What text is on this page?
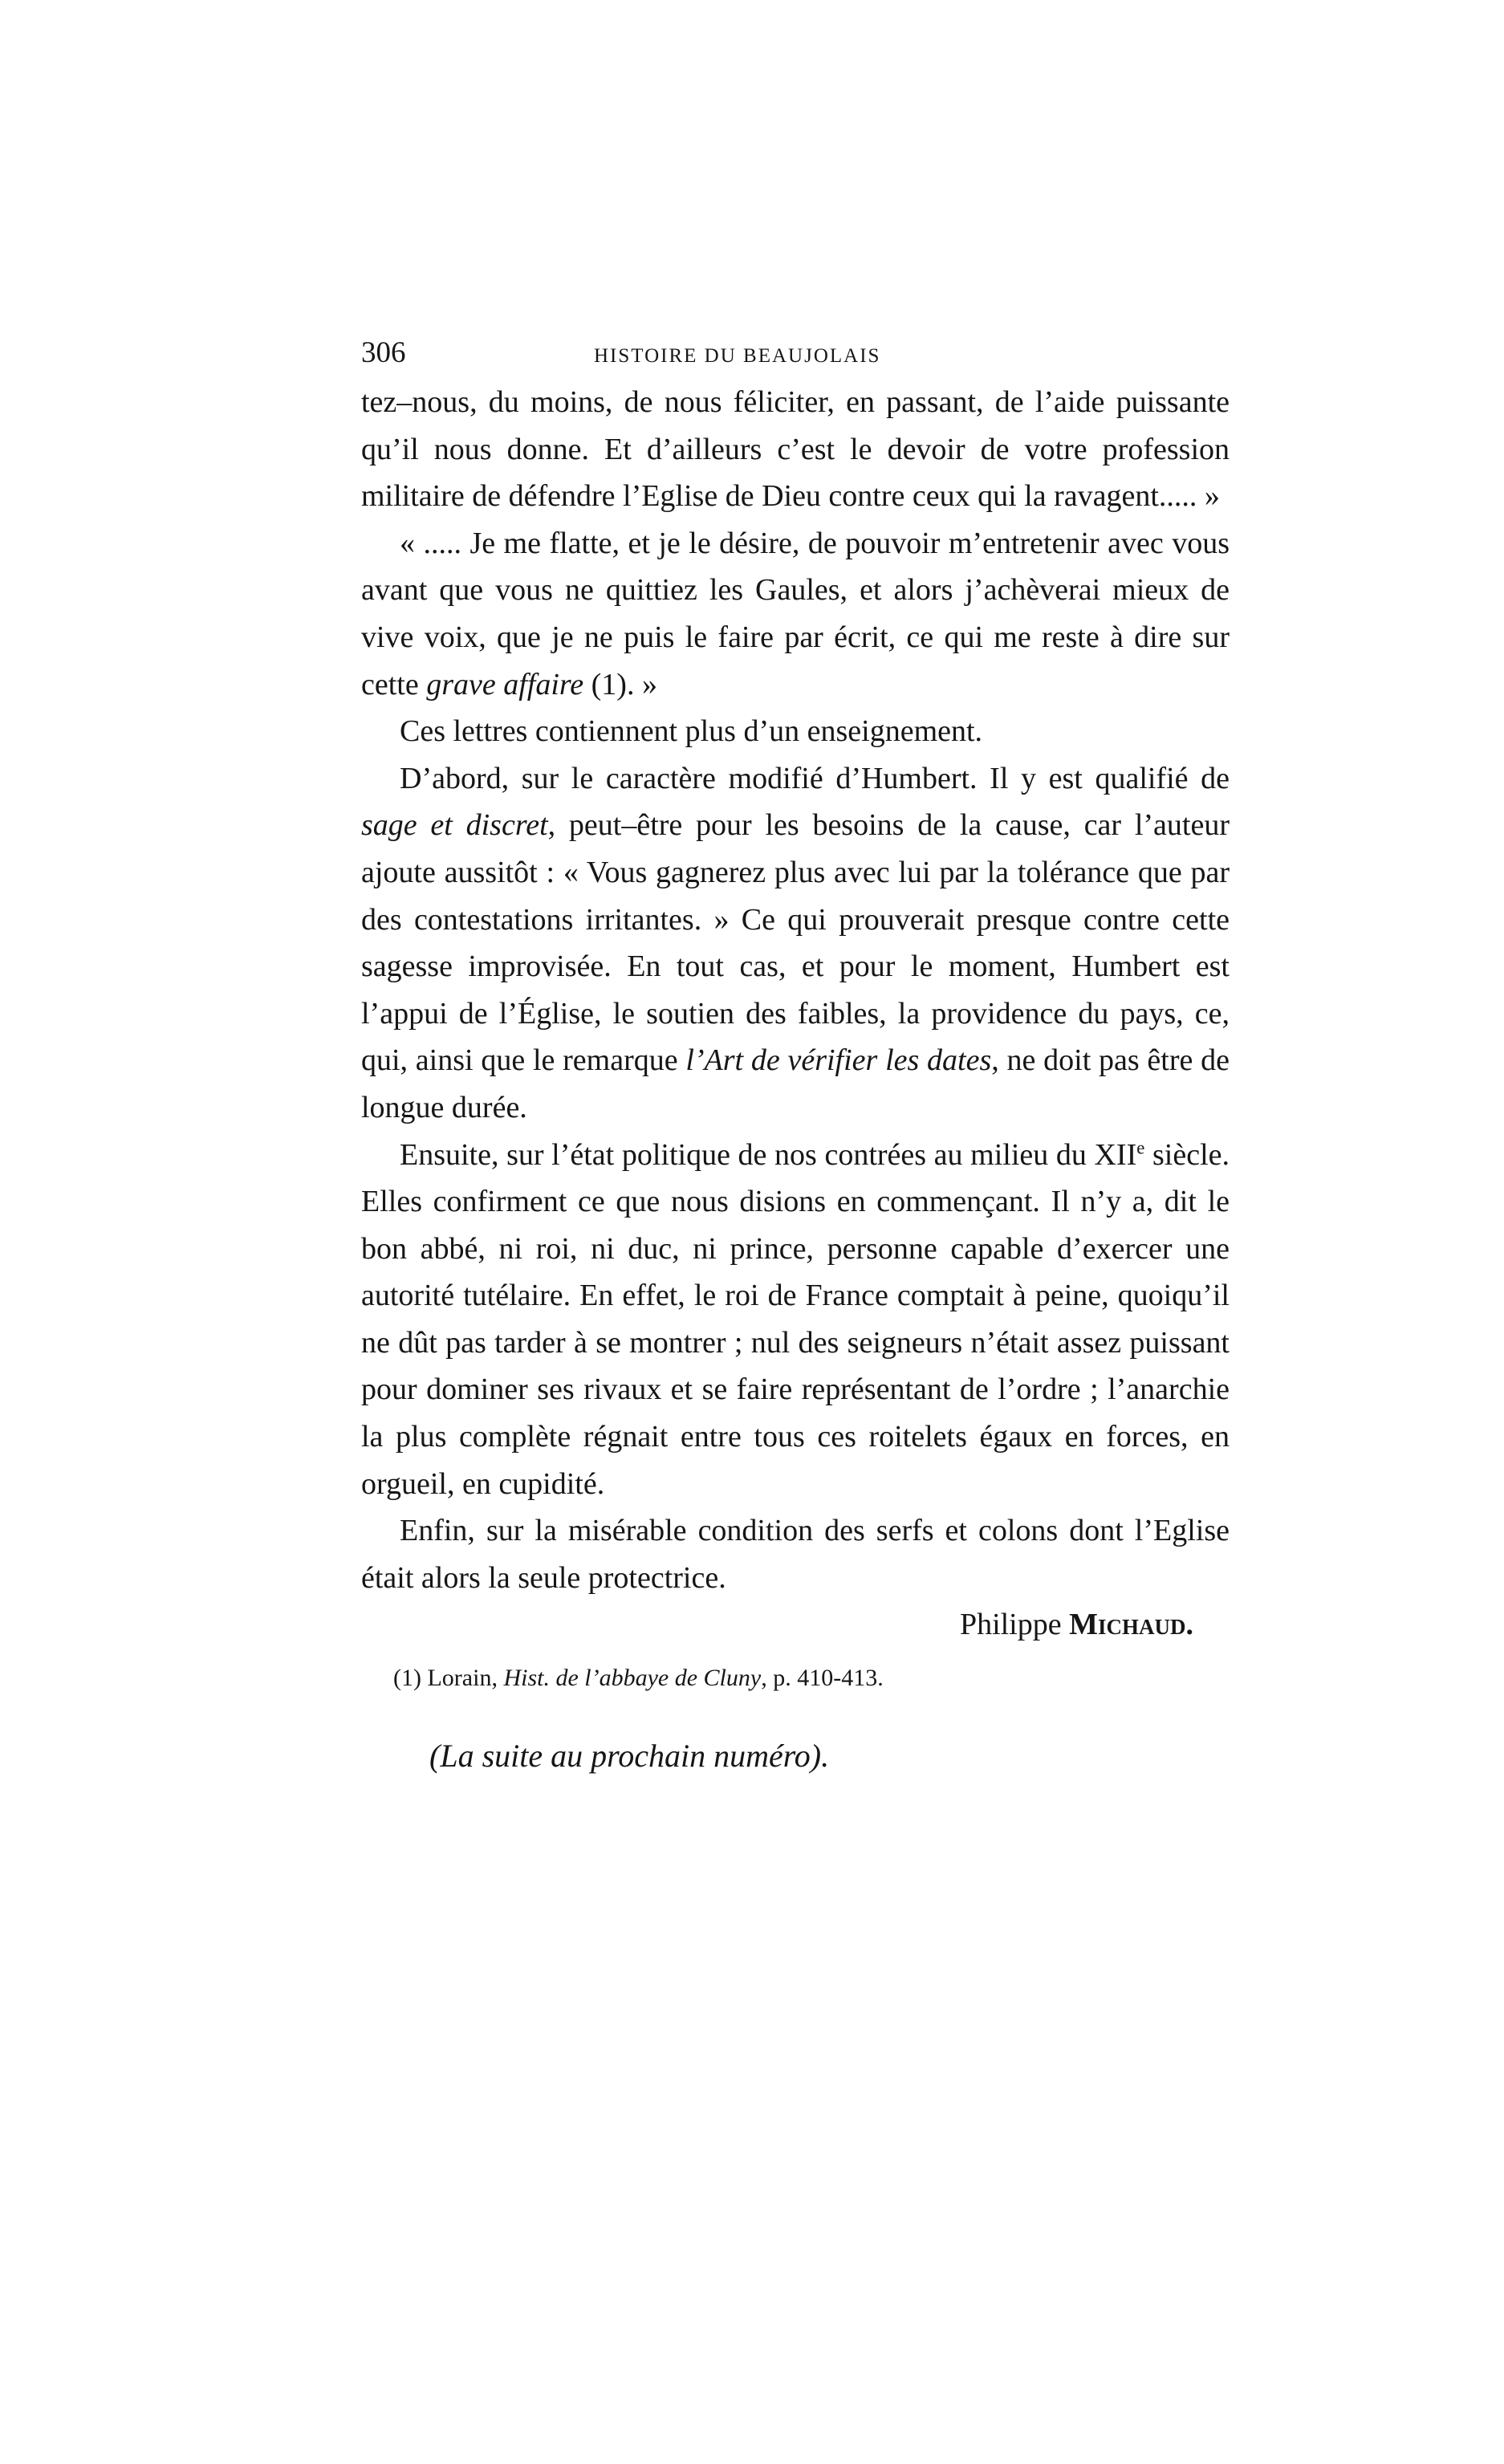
306	HISTOIRE DU BEAUJOLAIS

tez–nous, du moins, de nous féliciter, en passant, de l’aide puissante qu’il nous donne. Et d’ailleurs c’est le devoir de votre profession militaire de défendre l’Eglise de Dieu contre ceux qui la ravagent..... »

« ..... Je me flatte, et je le désire, de pouvoir m’entretenir avec vous avant que vous ne quittiez les Gaules, et alors j’achèverai mieux de vive voix, que je ne puis le faire par écrit, ce qui me reste à dire sur cette grave affaire (1). »

Ces lettres contiennent plus d’un enseignement.

D’abord, sur le caractère modifié d’Humbert. Il y est qualifié de sage et discret, peut–être pour les besoins de la cause, car l’auteur ajoute aussitôt : « Vous gagnerez plus avec lui par la tolérance que par des contestations irritantes. » Ce qui prouverait presque contre cette sagesse improvisée. En tout cas, et pour le moment, Humbert est l’appui de l’Église, le soutien des faibles, la providence du pays, ce, qui, ainsi que le remarque l’Art de vérifier les dates, ne doit pas être de longue durée.

Ensuite, sur l’état politique de nos contrées au milieu du XIIe siècle. Elles confirment ce que nous disions en commençant. Il n’y a, dit le bon abbé, ni roi, ni duc, ni prince, personne capable d’exercer une autorité tutélaire. En effet, le roi de France comptait à peine, quoiqu’il ne dût pas tarder à se montrer ; nul des seigneurs n’était assez puissant pour dominer ses rivaux et se faire représentant de l’ordre ; l’anarchie la plus complète régnait entre tous ces roitelets égaux en forces, en orgueil, en cupidité.

Enfin, sur la misérable condition des serfs et colons dont l’Eglise était alors la seule protectrice.

Philippe Michaud.
(1) Lorain, Hist. de l’abbaye de Cluny, p. 410-413.
(La suite au prochain numéro).
